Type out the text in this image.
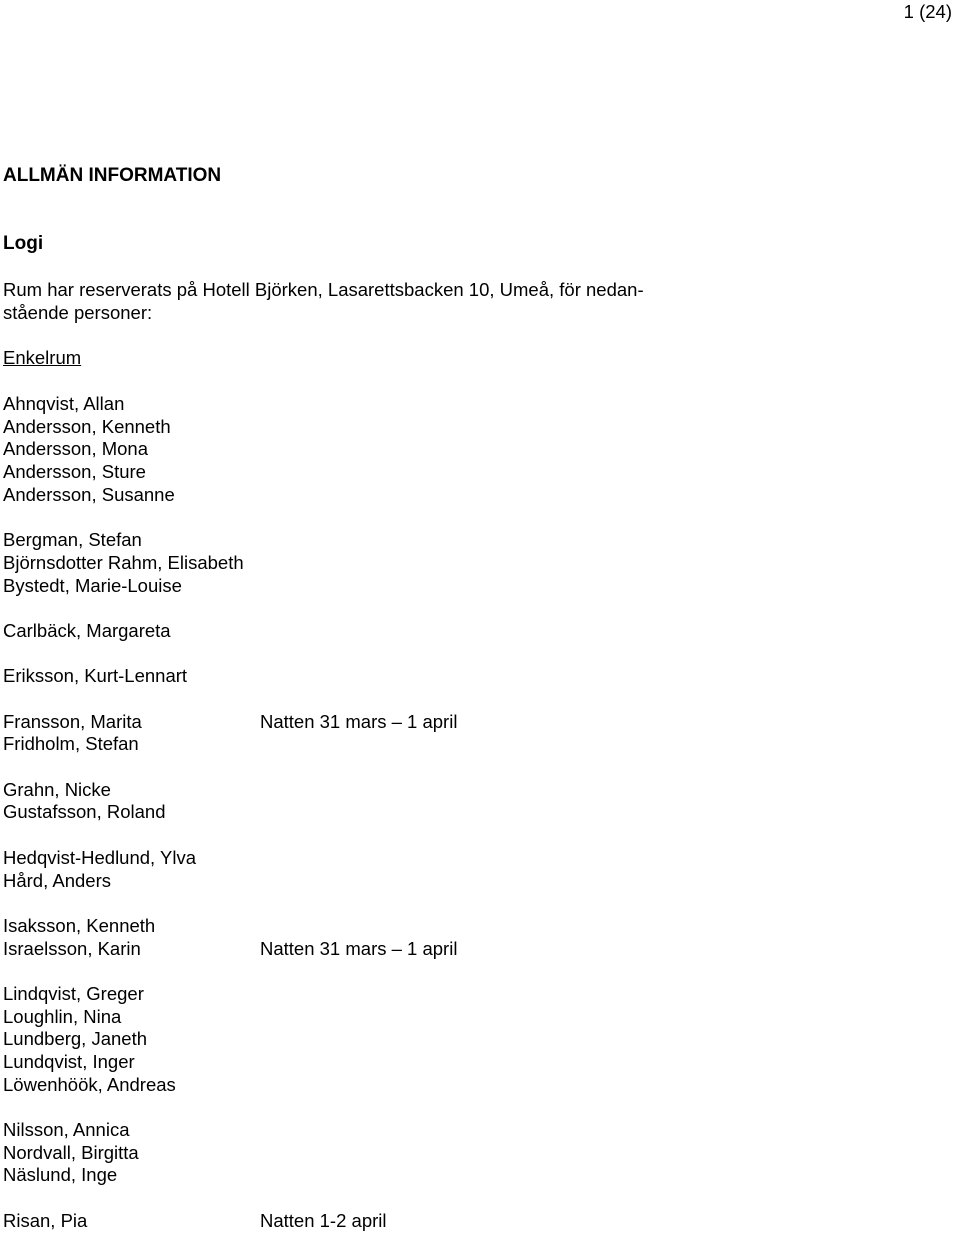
1 (24)
ALLMÄN INFORMATION
Logi
Rum har reserverats på Hotell Björken, Lasarettsbacken 10, Umeå, för nedan-
stående personer:
Enkelrum
Ahnqvist, Allan
Andersson, Kenneth
Andersson, Mona
Andersson, Sture
Andersson, Susanne
Bergman, Stefan
Björnsdotter Rahm, Elisabeth
Bystedt, Marie-Louise
Carlbäck, Margareta
Eriksson, Kurt-Lennart
Fransson, Marita	Natten 31 mars – 1 april
Fridholm, Stefan
Grahn, Nicke
Gustafsson, Roland
Hedqvist-Hedlund, Ylva
Hård, Anders
Isaksson, Kenneth
Israelsson, Karin	Natten 31 mars – 1 april
Lindqvist, Greger
Loughlin, Nina
Lundberg, Janeth
Lundqvist, Inger
Löwenhöök, Andreas
Nilsson, Annica
Nordvall, Birgitta
Näslund, Inge
Risan, Pia	Natten 1-2 april
